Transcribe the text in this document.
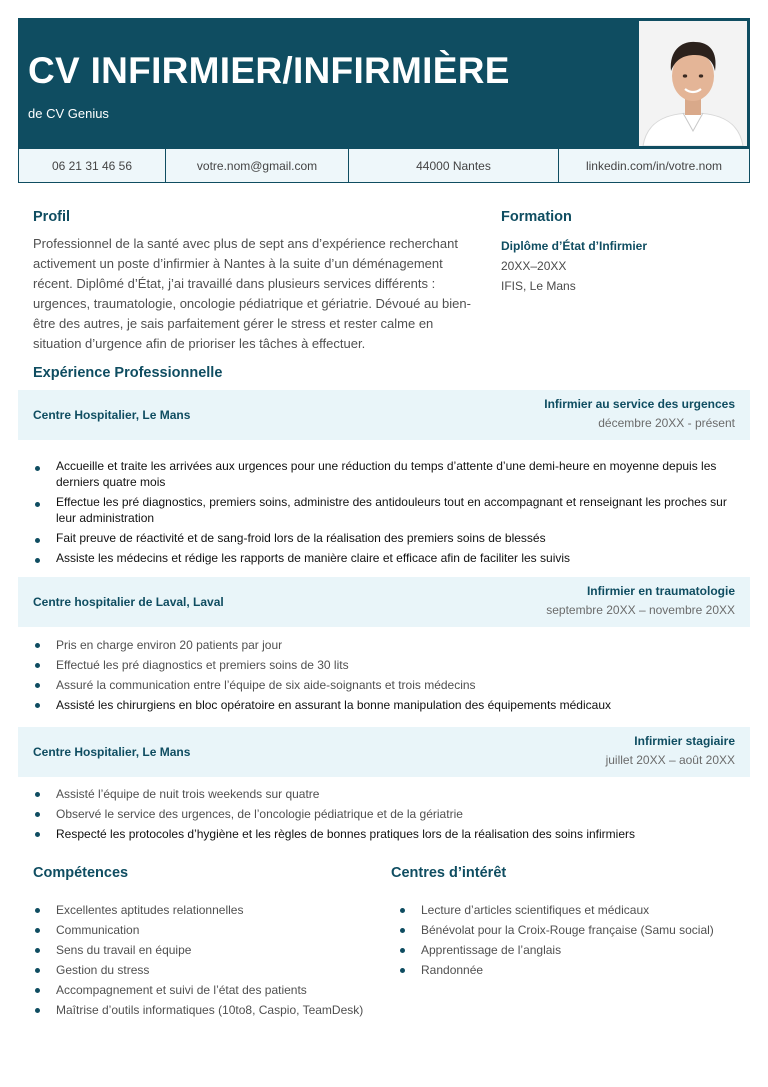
CV INFIRMIER/INFIRMIÈRE
de CV Genius
06 21 31 46 56	votre.nom@gmail.com	44000 Nantes	linkedin.com/in/votre.nom
Profil

Professionnel de la santé avec plus de sept ans d’expérience recherchant activement un poste d’infirmier à Nantes à la suite d’un déménagement récent. Diplômé d’État, j’ai travaillé dans plusieurs services différents : urgences, traumatologie, oncologie pédiatrique et gériatrie. Dévoué au bien-être des autres, je sais parfaitement gérer le stress et rester calme en situation d’urgence afin de prioriser les tâches à effectuer.

Formation
Diplôme d’État d’Infirmier
20XX–20XX
IFIS, Le Mans
Expérience Professionnelle
Centre Hospitalier, Le Mans
Infirmier au service des urgences
décembre 20XX - présent
Accueille et traite les arrivées aux urgences pour une réduction du temps d’attente d’une demi-heure en moyenne depuis les derniers quatre mois
Effectue les pré diagnostics, premiers soins, administre des antidouleurs tout en accompagnant et renseignant les proches sur leur administration
Fait preuve de réactivité et de sang-froid lors de la réalisation des premiers soins de blessés
Assiste les médecins et rédige les rapports de manière claire et efficace afin de faciliter les suivis
Centre hospitalier de Laval, Laval
Infirmier en traumatologie
septembre 20XX – novembre 20XX
Pris en charge environ 20 patients par jour
Effectué les pré diagnostics et premiers soins de 30 lits
Assuré la communication entre l’équipe de six aide-soignants et trois médecins
Assisté les chirurgiens en bloc opératoire en assurant la bonne manipulation des équipements médicaux
Centre Hospitalier, Le Mans
Infirmier stagiaire
juillet 20XX – août 20XX
Assisté l’équipe de nuit trois weekends sur quatre
Observé le service des urgences, de l’oncologie pédiatrique et de la gériatrie
Respecté les protocoles d’hygiène et les règles de bonnes pratiques lors de la réalisation des soins infirmiers
Compétences
Excellentes aptitudes relationnelles
Communication
Sens du travail en équipe
Gestion du stress
Accompagnement et suivi de l’état des patients
Maîtrise d’outils informatiques (10to8, Caspio, TeamDesk)
Centres d’intérêt
Lecture d’articles scientifiques et médicaux
Bénévolat pour la Croix-Rouge française (Samu social)
Apprentissage de l’anglais
Randonnée
